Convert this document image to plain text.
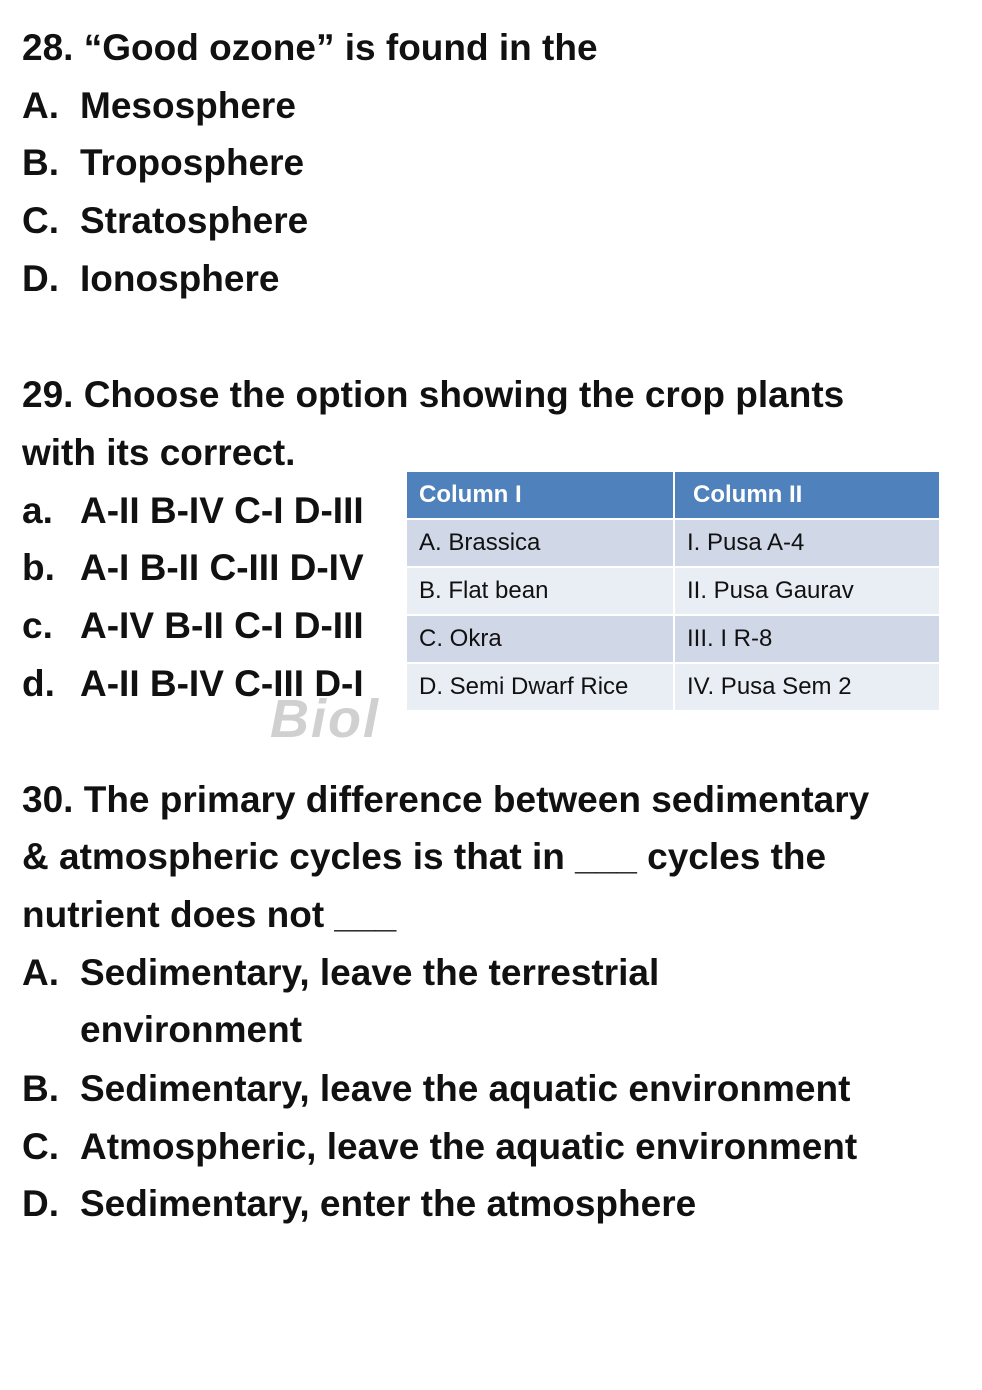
28. “Good ozone” is found in the
A. Mesosphere
B. Troposphere
C. Stratosphere
D. Ionosphere
29. Choose the option showing the crop plants
with its correct.
a. A-II B-IV C-I D-III
b. A-I B-II C-III D-IV
c. A-IV B-II C-I D-III
d. A-II B-IV C-III D-I
Biol
Column I	Column II
A. Brassica	I. Pusa A-4
B. Flat bean	II. Pusa Gaurav
C. Okra	III. I R-8
D. Semi Dwarf Rice	IV. Pusa Sem 2
30. The primary difference between sedimentary
& atmospheric cycles is that in ___ cycles the
nutrient does not ___
A. Sedimentary, leave the terrestrial
environment
B. Sedimentary, leave the aquatic environment
C. Atmospheric, leave the aquatic environment
D. Sedimentary, enter the atmosphere
